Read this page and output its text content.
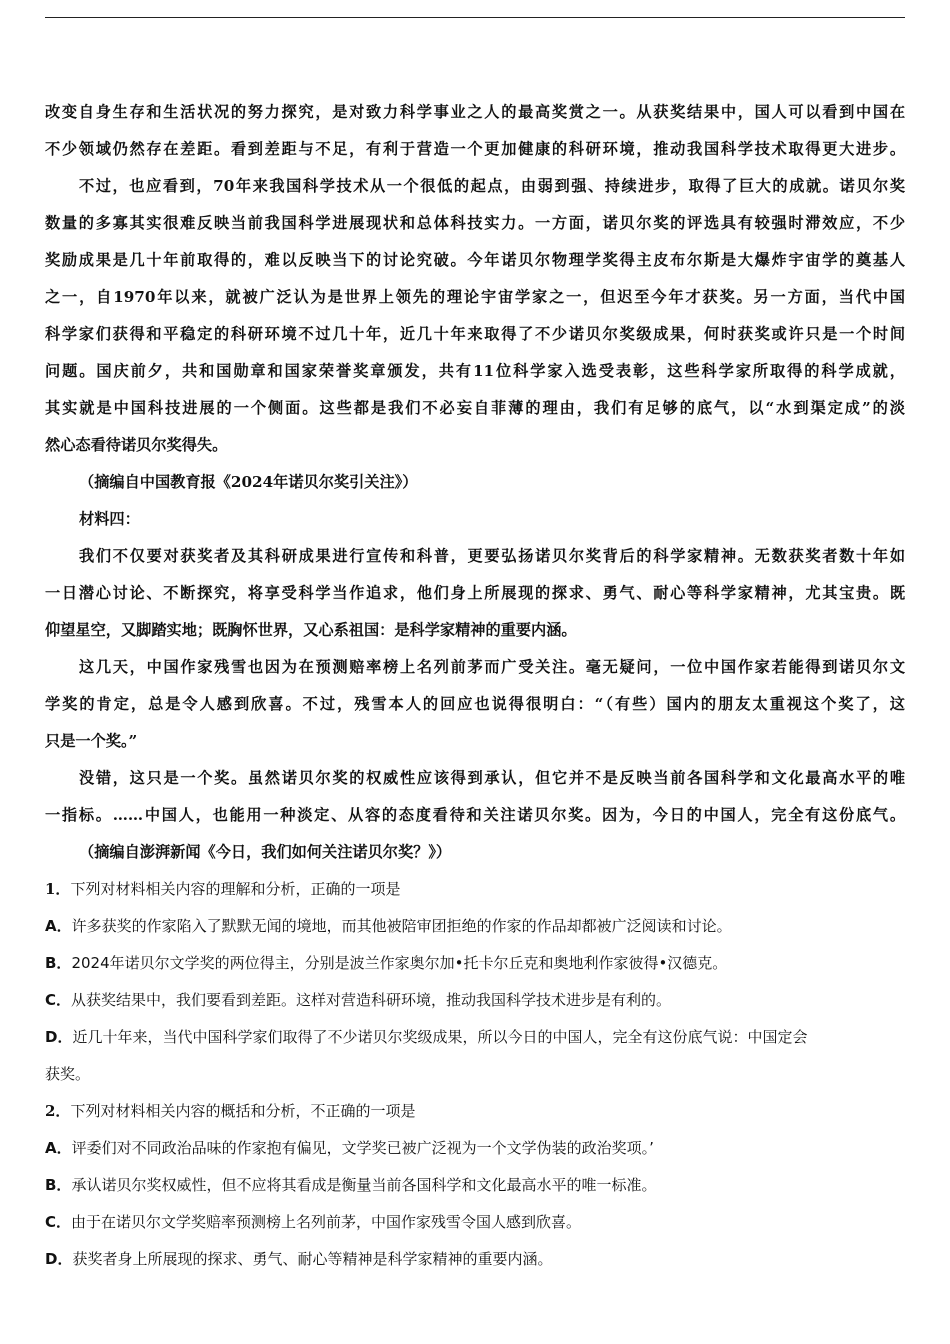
改变自身生存和生活状况的努力探究，是对致力科学事业之人的最高奖赏之一。从获奖结果中，国人可以看到中国在
不少领域仍然存在差距。看到差距与不足，有利于营造一个更加健康的科研环境，推动我国科学技术取得更大进步。
不过，也应看到，70年来我国科学技术从一个很低的起点，由弱到强、持续进步，取得了巨大的成就。诺贝尔奖
数量的多寡其实很难反映当前我国科学进展现状和总体科技实力。一方面，诺贝尔奖的评选具有较强时滞效应，不少
奖励成果是几十年前取得的，难以反映当下的讨论究破。今年诺贝尔物理学奖得主皮布尔斯是大爆炸宇宙学的奠基人
之一，自1970年以来，就被广泛认为是世界上领先的理论宇宙学家之一，但迟至今年才获奖。另一方面，当代中国
科学家们获得和平稳定的科研环境不过几十年，近几十年来取得了不少诺贝尔奖级成果，何时获奖或许只是一个时间
问题。国庆前夕，共和国勋章和国家荣誉奖章颁发，共有11位科学家入选受表彰，这些科学家所取得的科学成就，
其实就是中国科技进展的一个侧面。这些都是我们不必妄自菲薄的理由，我们有足够的底气，以“水到渠定成”的淡
然心态看待诺贝尔奖得失。
（摘编自中国教育报《2024年诺贝尔奖引关注》）
材料四：
我们不仅要对获奖者及其科研成果进行宣传和科普，更要弘扬诺贝尔奖背后的科学家精神。无数获奖者数十年如
一日潜心讨论、不断探究，将享受科学当作追求，他们身上所展现的探求、勇气、耐心等科学家精神，尤其宝贵。既
仰望星空，又脚踏实地；既胸怀世界，又心系祖国：是科学家精神的重要内涵。
这几天，中国作家残雪也因为在预测赔率榜上名列前茅而广受关注。毫无疑问，一位中国作家若能得到诺贝尔文
学奖的肯定，总是令人感到欣喜。不过，残雪本人的回应也说得很明白：“（有些）国内的朋友太重视这个奖了，这
只是一个奖。”
没错，这只是一个奖。虽然诺贝尔奖的权威性应该得到承认，但它并不是反映当前各国科学和文化最高水平的唯
一指标。……中国人，也能用一种淡定、从容的态度看待和关注诺贝尔奖。因为，今日的中国人，完全有这份底气。
（摘编自澎湃新闻《今日，我们如何关注诺贝尔奖？》）
1．下列对材料相关内容的理解和分析，正确的一项是
A．许多获奖的作家陷入了默默无闻的境地，而其他被陪审团拒绝的作家的作品却都被广泛阅读和讨论。
B．2024年诺贝尔文学奖的两位得主，分别是波兰作家奥尔加•托卡尔丘克和奥地利作家彼得•汉德克。
C．从获奖结果中，我们要看到差距。这样对营造科研环境，推动我国科学技术进步是有利的。
D．近几十年来，当代中国科学家们取得了不少诺贝尔奖级成果，所以今日的中国人，完全有这份底气说：中国定会
获奖。
2．下列对材料相关内容的概括和分析，不正确的一项是
A．评委们对不同政治品味的作家抱有偏见，文学奖已被广泛视为一个文学伪装的政治奖项。’
B．承认诺贝尔奖权威性，但不应将其看成是衡量当前各国科学和文化最高水平的唯一标准。
C．由于在诺贝尔文学奖赔率预测榜上名列前茅，中国作家残雪令国人感到欣喜。
D．获奖者身上所展现的探求、勇气、耐心等精神是科学家精神的重要内涵。
